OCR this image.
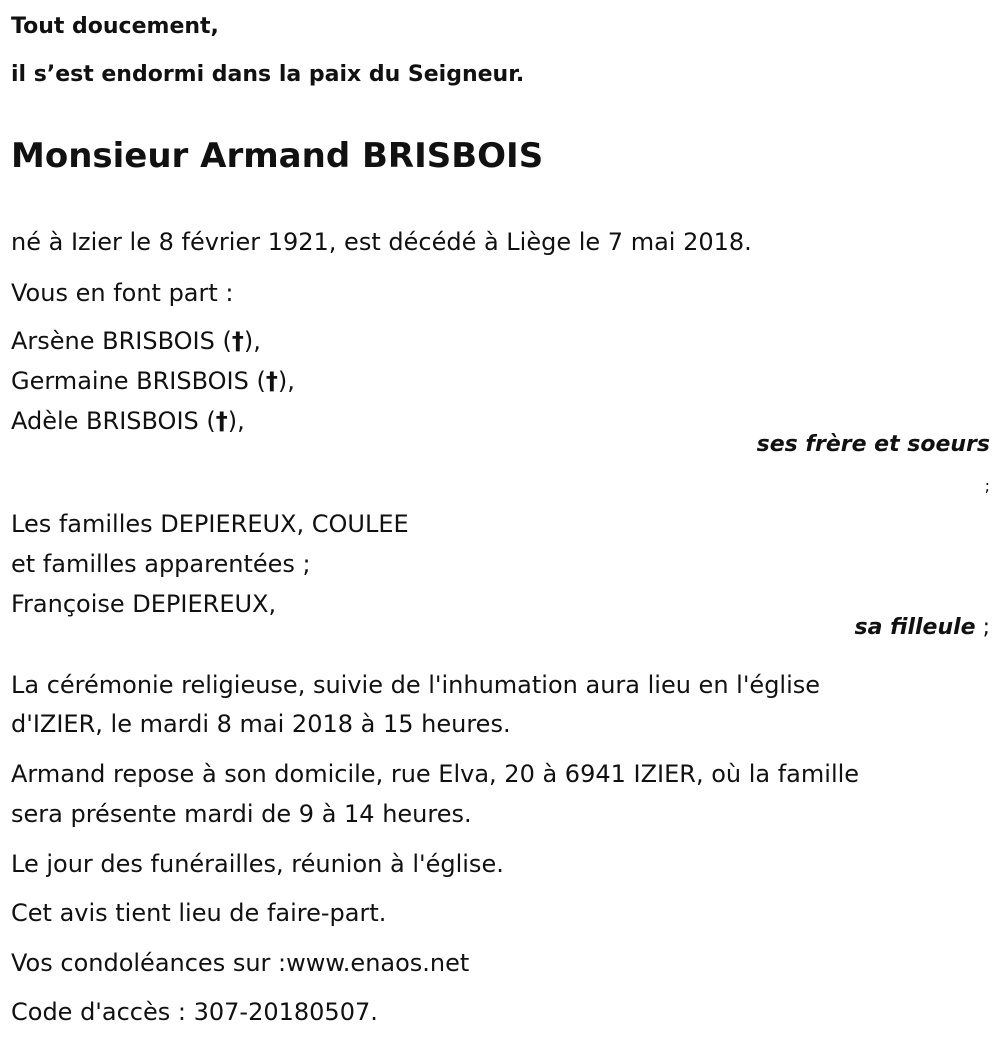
Tout doucement,
il s’est endormi dans la paix du Seigneur.
Monsieur Armand BRISBOIS
né à Izier le 8 février 1921, est décédé à Liège le 7 mai 2018.
Vous en font part :
Arsène BRISBOIS (†),
Germaine BRISBOIS (†),
Adèle BRISBOIS (†),
ses frère et soeurs
;
Les familles DEPIEREUX, COULEE
et familles apparentées ;
Françoise DEPIEREUX,
sa filleule ;
La cérémonie religieuse, suivie de l'inhumation aura lieu en l'église
d'IZIER, le mardi 8 mai 2018 à 15 heures.
Armand repose à son domicile, rue Elva, 20 à 6941 IZIER, où la famille
sera présente mardi de 9 à 14 heures.
Le jour des funérailles, réunion à l'église.
Cet avis tient lieu de faire-part.
Vos condoléances sur :www.enaos.net
Code d'accès : 307-20180507.
